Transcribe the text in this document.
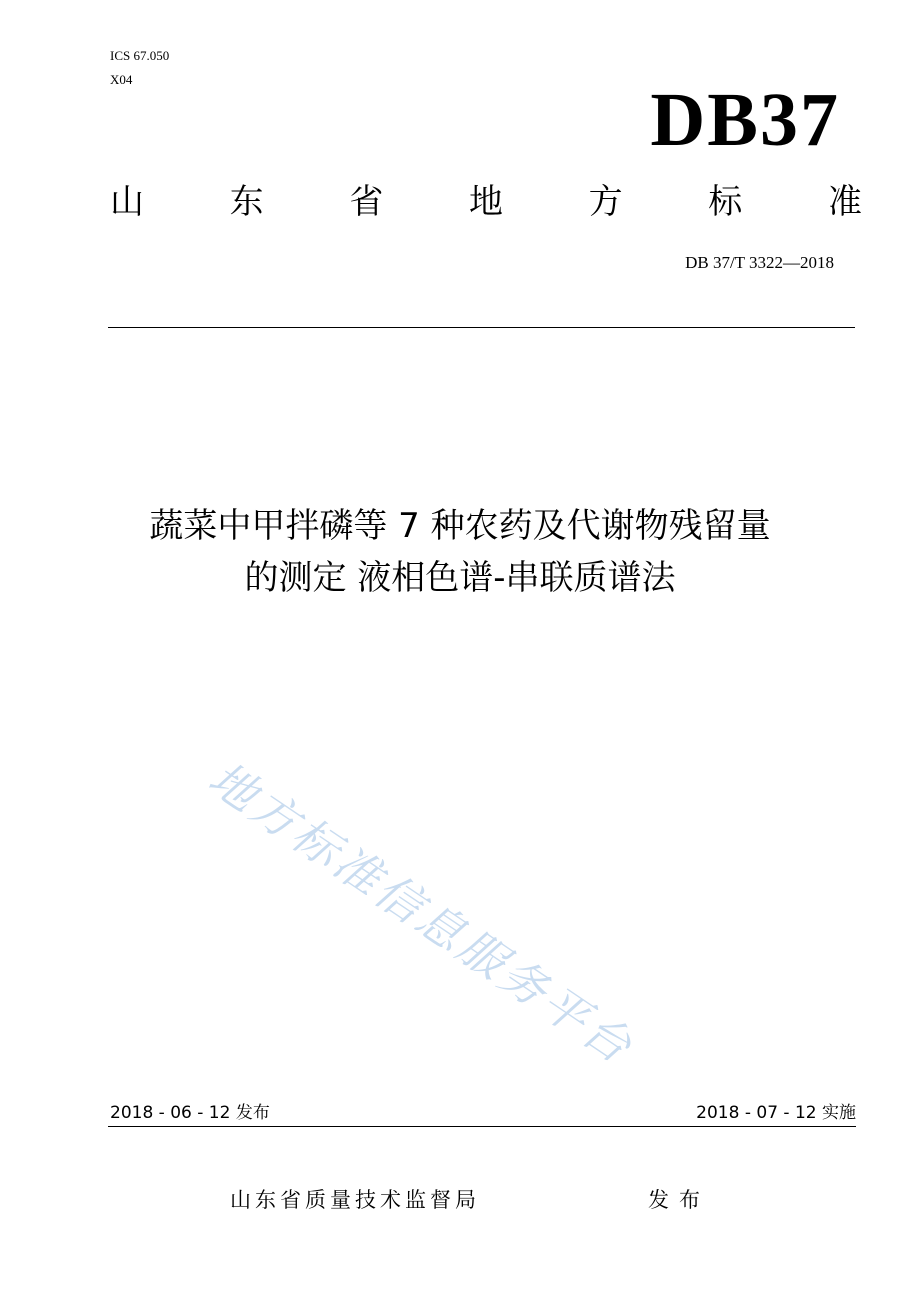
ICS 67.050
X04	DB37
山	东	省	地	方	标	准
DB 37/T 3322—2018
蔬菜中甲拌磷等 7 种农药及代谢物残留量
的测定 液相色谱-串联质谱法
地方标准信息服务平台
2018 - 06 - 12 发布	2018 - 07 - 12 实施
山东省质量技术监督局	发布
